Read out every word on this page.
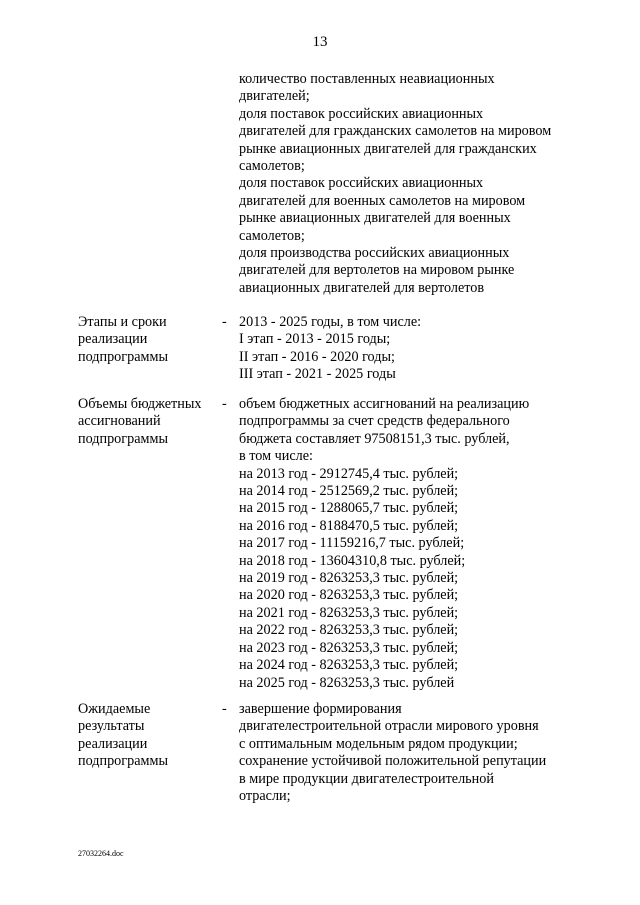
13
количество поставленных неавиационных
двигателей;
доля поставок российских авиационных
двигателей для гражданских самолетов на мировом
рынке авиационных двигателей для гражданских
самолетов;
доля поставок российских авиационных
двигателей для военных самолетов на мировом
рынке авиационных двигателей для военных
самолетов;
доля производства российских авиационных
двигателей для вертолетов на мировом рынке
авиационных двигателей для вертолетов
Этапы и сроки
реализации
подпрограммы
- 2013 - 2025 годы, в том числе:
I этап - 2013 - 2015 годы;
II этап - 2016 - 2020 годы;
III этап - 2021 - 2025 годы
Объемы бюджетных
ассигнований
подпрограммы
- объем бюджетных ассигнований на реализацию
подпрограммы за счет средств федерального
бюджета составляет 97508151,3 тыс. рублей,
в том числе:
на 2013 год - 2912745,4 тыс. рублей;
на 2014 год - 2512569,2 тыс. рублей;
на 2015 год - 1288065,7 тыс. рублей;
на 2016 год - 8188470,5 тыс. рублей;
на 2017 год - 11159216,7 тыс. рублей;
на 2018 год - 13604310,8 тыс. рублей;
на 2019 год - 8263253,3 тыс. рублей;
на 2020 год - 8263253,3 тыс. рублей;
на 2021 год - 8263253,3 тыс. рублей;
на 2022 год - 8263253,3 тыс. рублей;
на 2023 год - 8263253,3 тыс. рублей;
на 2024 год - 8263253,3 тыс. рублей;
на 2025 год - 8263253,3 тыс. рублей
Ожидаемые
результаты
реализации
подпрограммы
- завершение формирования
двигателестроительной отрасли мирового уровня
с оптимальным модельным рядом продукции;
сохранение устойчивой положительной репутации
в мире продукции двигателестроительной
отрасли;
27032264.doc
